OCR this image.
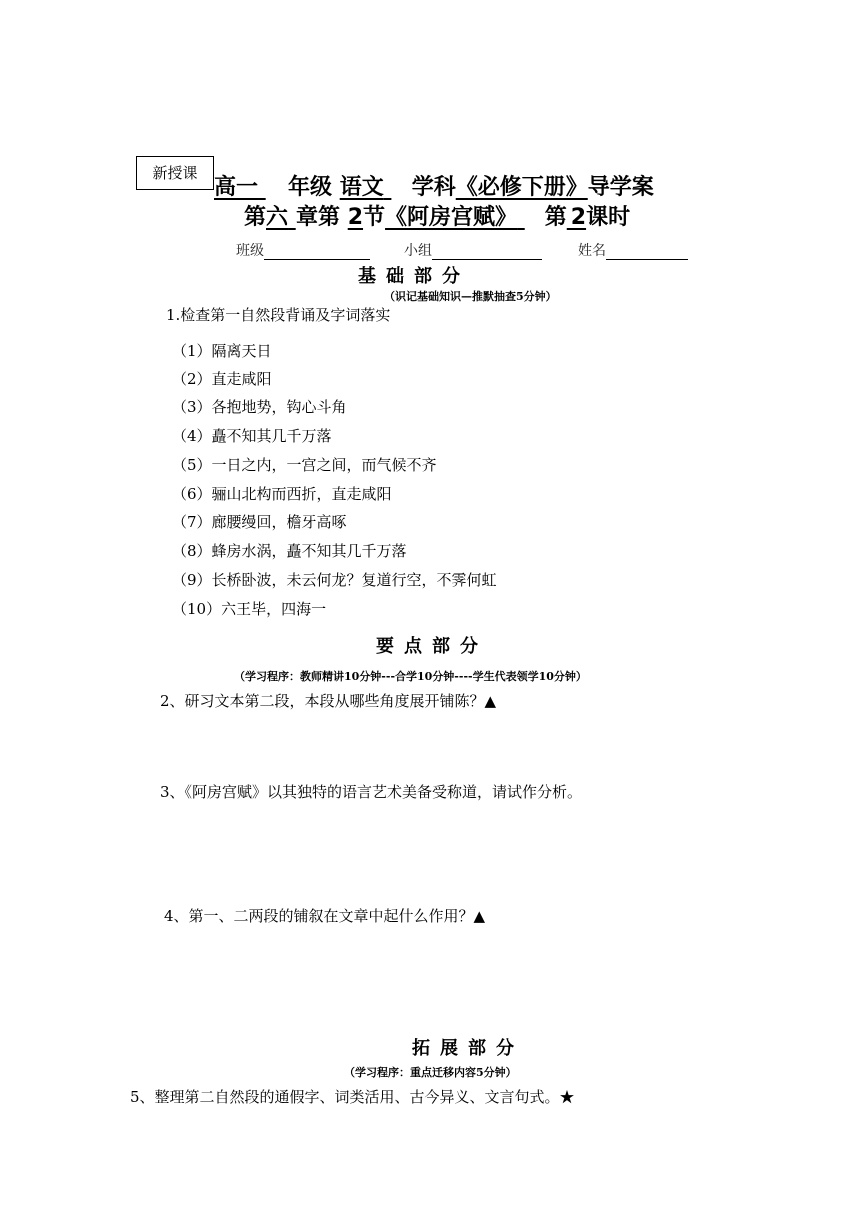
新授课
高一 年级 语文 学科《必修下册》导学案
第六 章第 2节《阿房宫赋》 第 2课时
班级	小组	姓名
基础部分
（识记基础知识—推默抽查5分钟）
1.检查第一自然段背诵及字词落实
（1）隔离天日
（2）直走咸阳
（3）各抱地势，钩心斗角
（4）矗不知其几千万落
（5）一日之内，一宫之间，而气候不齐
（6）骊山北构而西折，直走咸阳
（7）廊腰缦回，檐牙高啄
（8）蜂房水涡，矗不知其几千万落
（9）长桥卧波，未云何龙？复道行空，不霁何虹
（10）六王毕，四海一
要点部分
（学习程序：教师精讲10分钟---合学10分钟----学生代表领学10分钟）
2、研习文本第二段，本段从哪些角度展开铺陈？▲
3、《阿房宫赋》以其独特的语言艺术美备受称道，请试作分析。
4、第一、二两段的铺叙在文章中起什么作用？▲
拓展部分
（学习程序：重点迁移内容5分钟）
5、整理第二自然段的通假字、词类活用、古今异义、文言句式。★
